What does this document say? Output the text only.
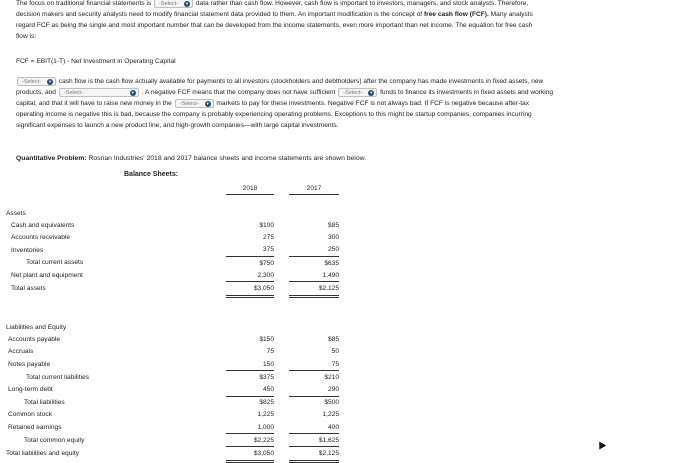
The focus on traditional financial statements is -Select-	▾ data rather than cash flow. However, cash flow is important to investors, managers, and stock analysts. Therefore,
decision makers and security analysts need to modify financial statement data provided to them. An important modification is the concept of free cash flow (FCF). Many analysts
regard FCF as being the single and most important number that can be developed from the income statements, even more important than net income. The equation for free cash
flow is:
FCF = EBIT(1-T) - Net Investment in Operating Capital
-Select-	▾ cash flow is the cash flow actually available for payments to all investors (stockholders and debtholders) after the company has made investments in fixed assets, new
products, and -Select-	▾ . A negative FCF means that the company does not have sufficient -Select-	▾ funds to finance its investments in fixed assets and working
capital, and that it will have to raise new money in the -Select-	▾ markets to pay for these investments. Negative FCF is not always bad. If FCF is negative because after-tax
operating income is negative this is bad, because the company is probably experiencing operating problems. Exceptions to this might be startup companies, companies incurring
significant expenses to launch a new product line, and high-growth companies—with large capital investments.
Quantitative Problem: Rosnan Industries' 2018 and 2017 balance sheets and income statements are shown below.
Balance Sheets:
	2018		2017

Assets			
Cash and equivalents	$100		$85
Accounts receivable	275		300
Inventories	375		250
Total current assets	$750		$635
Net plant and equipment	2,300		1,490
Total assets	$3,050		$2,125

Liabilities and Equity			
Accounts payable	$150		$85
Accruals	75		50
Notes payable	150		75
Total current liabilities	$375		$210
Long-term debt	450		290
Total liabilities	$825		$500
Common stock	1,225		1,225
Retained earnings	1,000		400
Total common equity	$2,225		$1,625
Total liabilities and equity	$3,050		$2,125
